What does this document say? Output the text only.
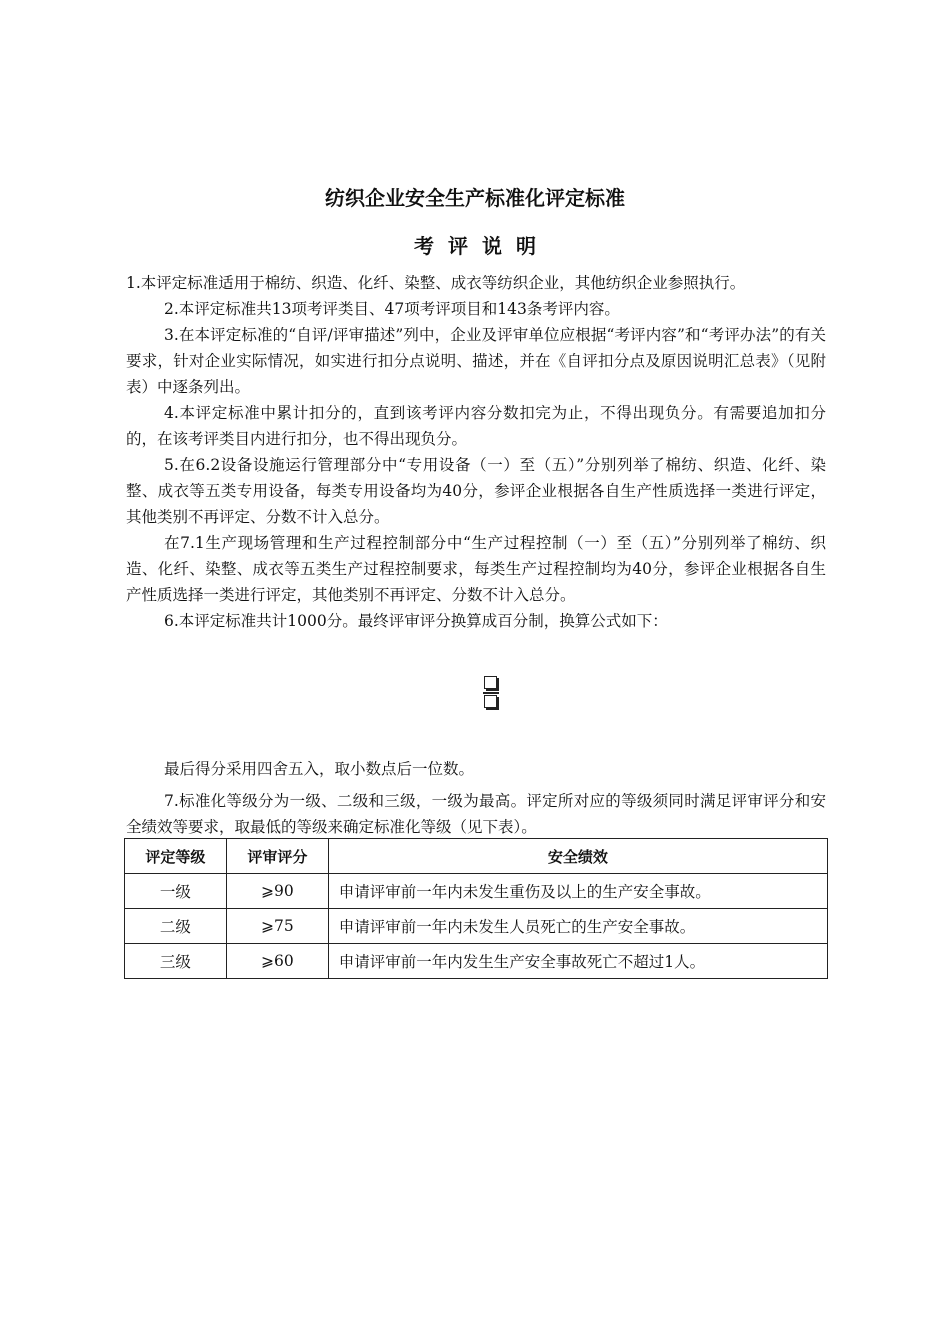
纺织企业安全生产标准化评定标准
考评说明

1.本评定标准适用于棉纺、织造、化纤、染整、成衣等纺织企业，其他纺织企业参照执行。

2.本评定标准共13项考评类目、47项考评项目和143条考评内容。

3.在本评定标准的“自评/评审描述”列中，企业及评审单位应根据“考评内容”和“考评办法”的有关要求，针对企业实际情况，如实进行扣分点说明、描述，并在《自评扣分点及原因说明汇总表》（见附表）中逐条列出。

4.本评定标准中累计扣分的，直到该考评内容分数扣完为止，不得出现负分。有需要追加扣分的，在该考评类目内进行扣分，也不得出现负分。

5.在6.2设备设施运行管理部分中“专用设备（一）至（五）”分别列举了棉纺、织造、化纤、染整、成衣等五类专用设备，每类专用设备均为40分，参评企业根据各自生产性质选择一类进行评定，其他类别不再评定、分数不计入总分。

在7.1生产现场管理和生产过程控制部分中“生产过程控制（一）至（五）”分别列举了棉纺、织造、化纤、染整、成衣等五类生产过程控制要求，每类生产过程控制均为40分，参评企业根据各自生产性质选择一类进行评定，其他类别不再评定、分数不计入总分。

6.本评定标准共计1000分。最终评审评分换算成百分制，换算公式如下：

最后得分采用四舍五入，取小数点后一位数。

7.标准化等级分为一级、二级和三级，一级为最高。评定所对应的等级须同时满足评审评分和安全绩效等要求，取最低的等级来确定标准化等级（见下表）。

评定等级	评审评分	安全绩效
一级	⩾90	申请评审前一年内未发生重伤及以上的生产安全事故。
二级	⩾75	申请评审前一年内未发生人员死亡的生产安全事故。
三级	⩾60	申请评审前一年内发生生产安全事故死亡不超过1人。
